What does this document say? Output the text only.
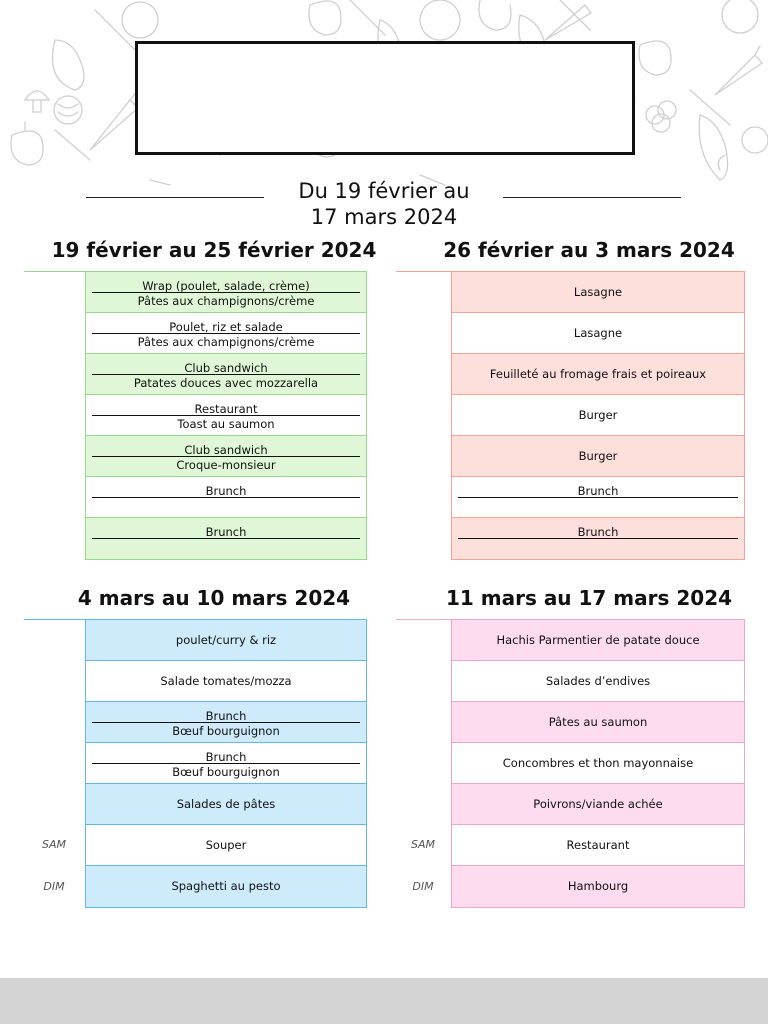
Du 19 février au
17 mars 2024
19 février au 25 février 2024
Wrap (poulet, salade, crème)
Pâtes aux champignons/crème
Poulet, riz et salade
Pâtes aux champignons/crème
Club sandwich
Patates douces avec mozzarella
Restaurant
Toast au saumon
Club sandwich
Croque-monsieur
Brunch
Brunch
26 février au 3 mars 2024
Lasagne
Lasagne
Feuilleté au fromage frais et poireaux
Burger
Burger
Brunch
Brunch
4 mars au 10 mars 2024
poulet/curry & riz
Salade tomates/mozza
Brunch
Bœuf bourguignon
Brunch
Bœuf bourguignon
Salades de pâtes
Souper
Spaghetti au pesto
SAM
DIM
11 mars au 17 mars 2024
Hachis Parmentier de patate douce
Salades d’endives
Pâtes au saumon
Concombres et thon mayonnaise
Poivrons/viande achée
Restaurant
Hambourg
SAM
DIM
